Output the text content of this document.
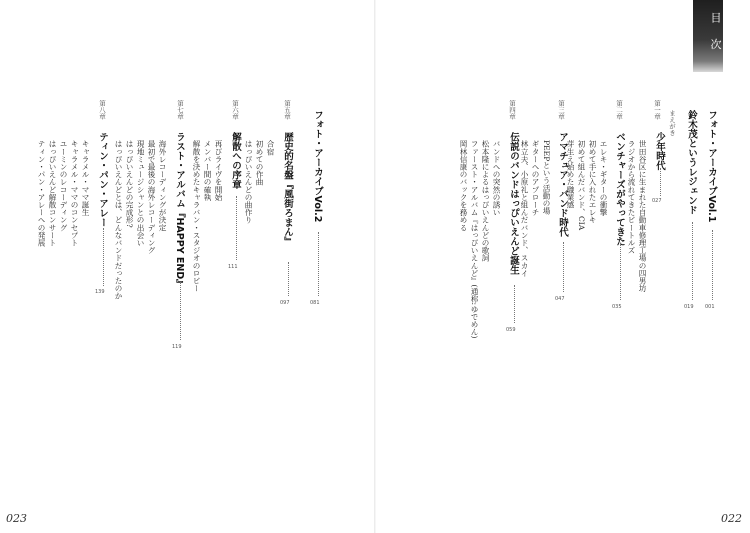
目 次
フォト・アーカイブVol.1
001
鈴木茂というレジェンド
019
まえがき
第一章
少年時代
027
世田谷区に生まれた自動車修理工場の四男坊
ラジオから流れてきたビートルズ
第二章
ベンチャーズがやってきた
035
エレキ・ギターの衝撃
初めて手に入れたエレキ
初めて組んだバンド、CIA
芽生え始めた職業感
第三章
アマチュア・バンド時代
047
PEEPという活動の場
ギターへのアプローチ
林立夫、小原礼と組んだバンド、スカイ
第四章
伝説のバンドはっぴいえんど誕生
059
バンドへの突然の誘い
松本隆によるはっぴいえんどの歌詞
ファースト・アルバム『はっぴいえんど』(通称:ゆでめん)
岡林信康のバックを務める
フォト・アーカイブVol.2
081
第五章
歴史的名盤『風街ろまん』
097
合宿
初めての作曲
はっぴいえんどの曲作り
第六章
解散への序章
111
再びライヴを開始
メンバー間の確執
解散を決めたキャラバン・スタジオのロビー
第七章
ラスト・アルバム『HAPPY END』
119
海外レコーディングが決定
最初で最後の海外レコーディング
現地ミュージシャンとの出会い
はっぴいえんどの完成形?
はっぴいえんどとは、どんなバンドだったのか
第八章
ティン・パン・アレー
139
キャラメル・ママ誕生
キャラメル・ママのコンセプト
ユーミンのレコーディング
はっぴいえんど解散コンサート
ティン・パン・アレーへの発展
023	022
